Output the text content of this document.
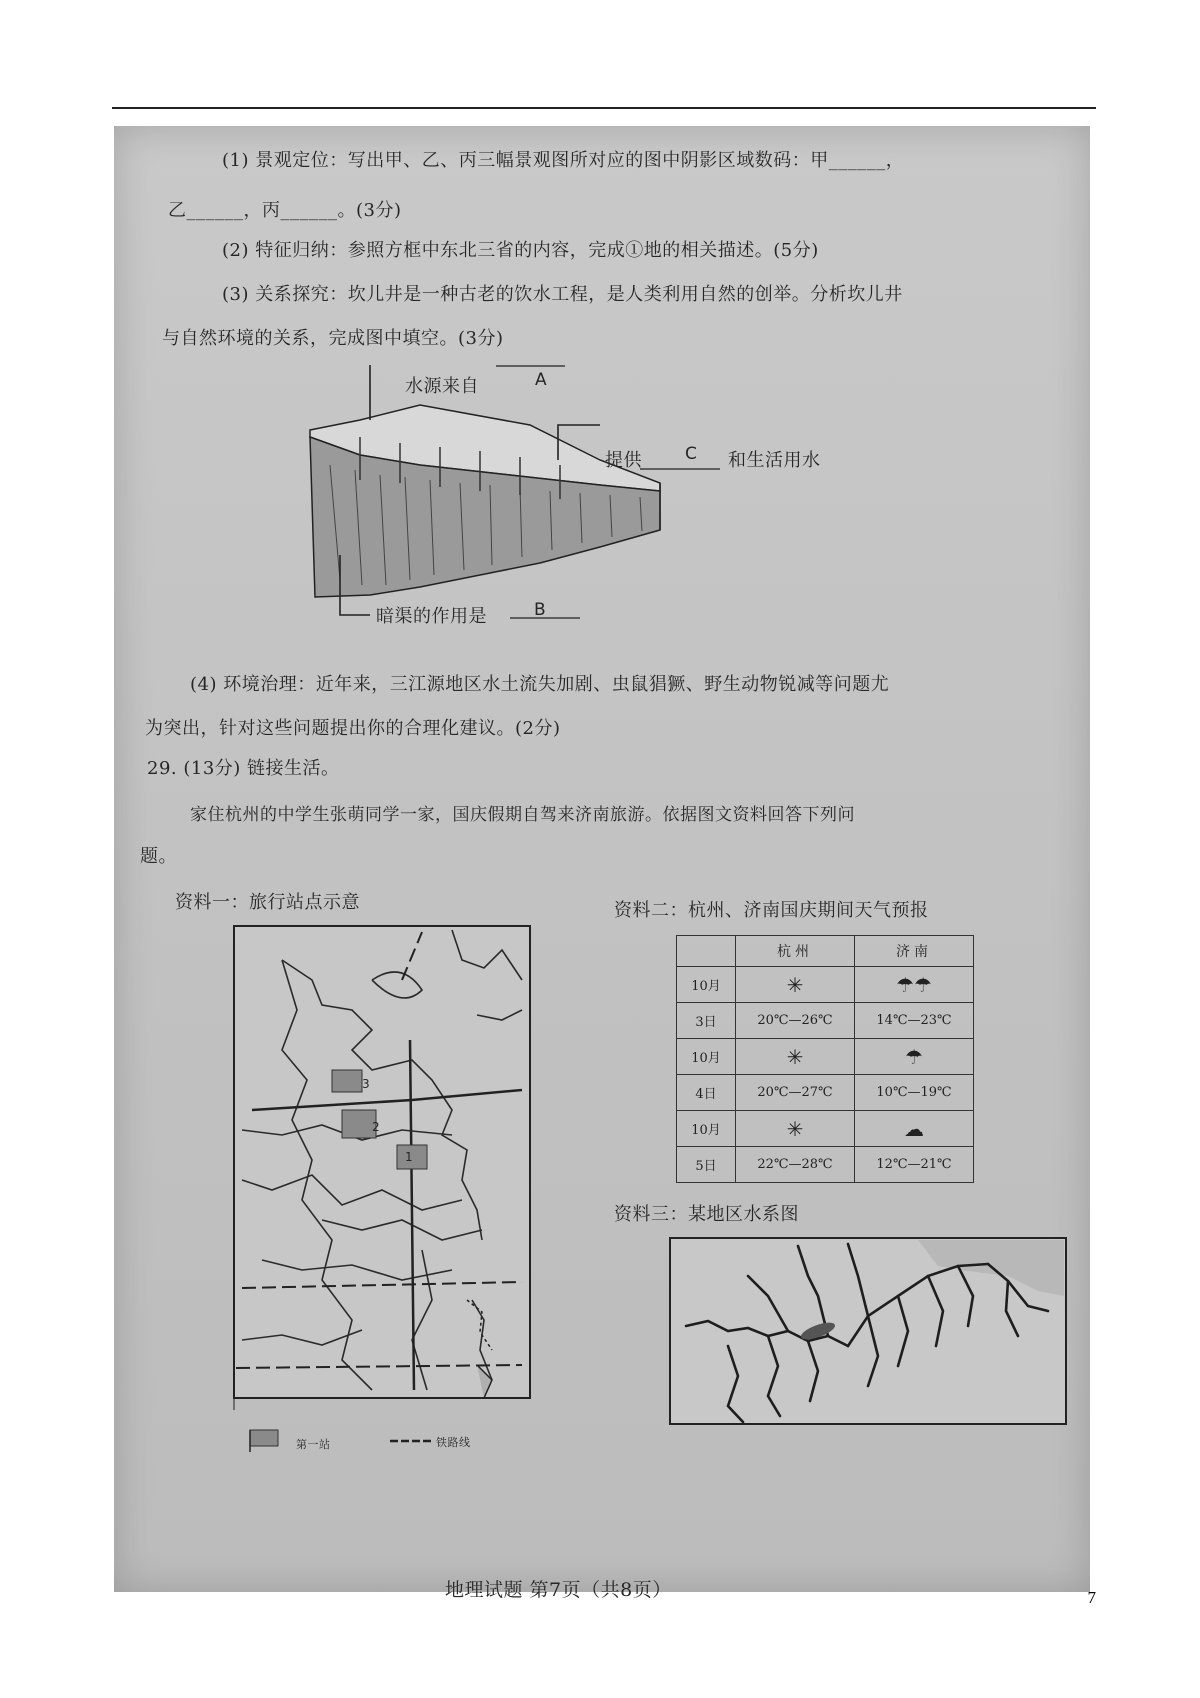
(1) 景观定位：写出甲、乙、丙三幅景观图所对应的图中阴影区域数码：甲______，
乙______，丙______。(3分)
(2) 特征归纳：参照方框中东北三省的内容，完成①地的相关描述。(5分)
(3) 关系探究：坎儿井是一种古老的饮水工程，是人类利用自然的创举。分析坎儿井
与自然环境的关系，完成图中填空。(3分)
水源来自	A
提供	C 和生活用水
暗渠的作用是	B
(4) 环境治理：近年来，三江源地区水土流失加剧、虫鼠猖獗、野生动物锐减等问题尤
为突出，针对这些问题提出你的合理化建议。(2分)
29. (13分) 链接生活。
家住杭州的中学生张萌同学一家，国庆假期自驾来济南旅游。依据图文资料回答下列问
题。
资料一：旅行站点示意	资料二：杭州、济南国庆期间天气预报
3
2
1
第一站	铁路线
	杭州	济南
10月	✳	☂☂
3日	20℃—26℃	14℃—23℃
10月	✳	☂
4日	20℃—27℃	10℃—19℃
10月	✳	☁
5日	22℃—28℃	12℃—21℃
资料三：某地区水系图
地理试题 第7页（共8页）	7
